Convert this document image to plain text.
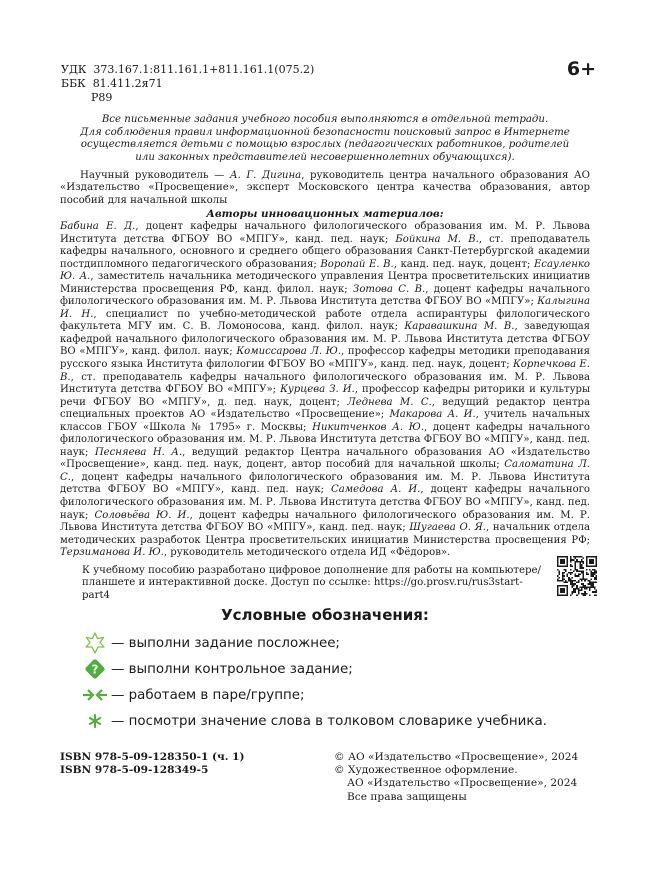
УДК 373.167.1:811.161.1+811.161.1(075.2)
ББК 81.411.2я71
Р89
6+
Все письменные задания учебного пособия выполняются в отдельной тетради.
Для соблюдения правил информационной безопасности поисковый запрос в Интернете
осуществляется детьми с помощью взрослых (педагогических работников, родителей
или законных представителей несовершеннолетних обучающихся).
Научный руководитель — А. Г. Дигина, руководитель центра начального образования АО «Издательство «Просвещение», эксперт Московского центра качества образования, автор пособий для начальной школы
Авторы инновационных материалов:
Бабина Е. Д., доцент кафедры начального филологического образования им. М. Р. Львова Института детства ФГБОУ ВО «МПГУ», канд. пед. наук; Бойкина М. В., ст. преподаватель кафедры начального, основного и среднего общего образования Санкт-Петербургской академии постдипломного педагогического образования; Воропай Е. В., канд. пед. наук, доцент; Есауленко Ю. А., заместитель начальника методического управления Центра просветительских инициатив Министерства просвещения РФ, канд. филол. наук; Зотова С. В., доцент кафедры начального филологического образования им. М. Р. Львова Института детства ФГБОУ ВО «МПГУ»; Калыгина И. Н., специалист по учебно-методической работе отдела аспирантуры филологического факультета МГУ им. С. В. Ломоносова, канд. филол. наук; Каравашкина М. В., заведующая кафедрой начального филологического образования им. М. Р. Львова Института детства ФГБОУ ВО «МПГУ», канд. филол. наук; Комиссарова Л. Ю., профессор кафедры методики преподавания русского языка Института филологии ФГБОУ ВО «МПГУ», канд. пед. наук, доцент; Корпечкова Е. В., ст. преподаватель кафедры начального филологического образования им. М. Р. Львова Института детства ФГБОУ ВО «МПГУ»; Курцева З. И., профессор кафедры риторики и культуры речи ФГБОУ ВО «МПГУ», д. пед. наук, доцент; Леднева М. С., ведущий редактор центра специальных проектов АО «Издательство «Просвещение»; Макарова А. И., учитель начальных классов ГБОУ «Школа № 1795» г. Москвы; Никитченков А. Ю., доцент кафедры начального филологического образования им. М. Р. Львова Института детства ФГБОУ ВО «МПГУ», канд. пед. наук; Песняева Н. А., ведущий редактор Центра начального образования АО «Издательство «Просвещение», канд. пед. наук, доцент, автор пособий для начальной школы; Саломатина Л. С., доцент кафедры начального филологического образования им. М. Р. Львова Института детства ФГБОУ ВО «МПГУ», канд. пед. наук; Самедова А. И., доцент кафедры начального филологического образования им. М. Р. Львова Института детства ФГБОУ ВО «МПГУ», канд. пед. наук; Соловьёва Ю. И., доцент кафедры начального филологического образования им. М. Р. Львова Института детства ФГБОУ ВО «МПГУ», канд. пед. наук; Шугаева О. Я., начальник отдела методических разработок Центра просветительских инициатив Министерства просвещения РФ; Терзиманова И. Ю., руководитель методического отдела ИД «Фёдоров».
К учебному пособию разработано цифровое дополнение для работы на компьютере/планшете и интерактивной доске. Доступ по ссылке: https://go.prosv.ru/rus3start-part4
Условные обозначения:
— выполни задание посложнее;
? — выполни контрольное задание;
— работаем в паре/группе;
— посмотри значение слова в толковом словарике учебника.
ISBN 978-5-09-128350-1 (ч. 1)
ISBN 978-5-09-128349-5
© АО «Издательство «Просвещение», 2024
© Художественное оформление.
АО «Издательство «Просвещение», 2024
Все права защищены
